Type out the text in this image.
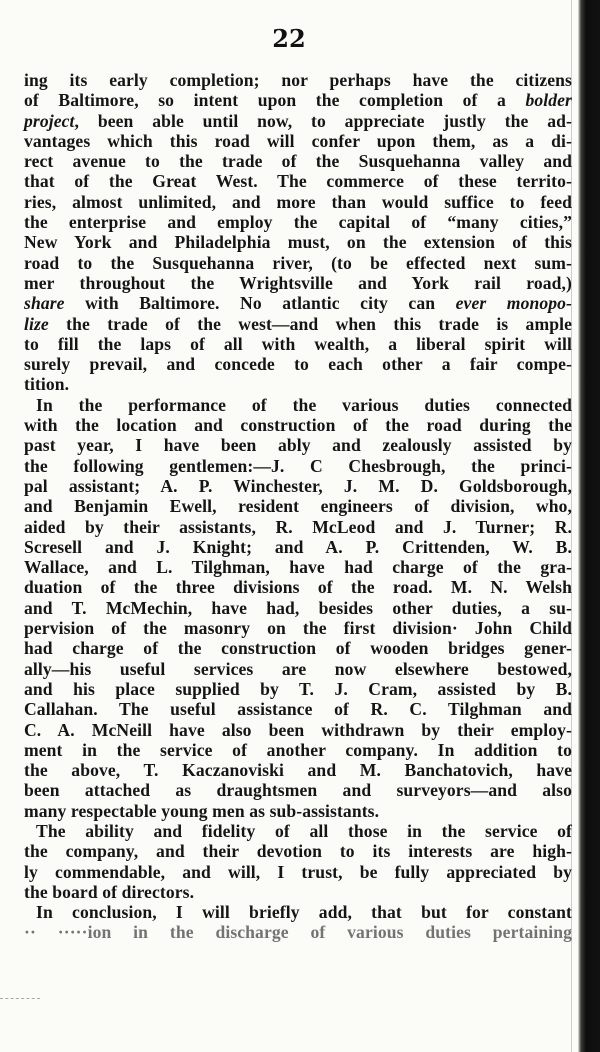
22
ing its early completion; nor perhaps have the citizens
of Baltimore, so intent upon the completion of a bolder
project, been able until now, to appreciate justly the ad-
vantages which this road will confer upon them, as a di-
rect avenue to the trade of the Susquehanna valley and
that of the Great West. The commerce of these territo-
ries, almost unlimited, and more than would suffice to feed
the enterprise and employ the capital of “many cities,”
New York and Philadelphia must, on the extension of this
road to the Susquehanna river, (to be effected next sum-
mer throughout the Wrightsville and York rail road,)
share with Baltimore. No atlantic city can ever monopo-
lize the trade of the west—and when this trade is ample
to fill the laps of all with wealth, a liberal spirit will
surely prevail, and concede to each other a fair compe-
tition.
In the performance of the various duties connected
with the location and construction of the road during the
past year, I have been ably and zealously assisted by
the following gentlemen:—J. C Chesbrough, the princi-
pal assistant; A. P. Winchester, J. M. D. Goldsborough,
and Benjamin Ewell, resident engineers of division, who,
aided by their assistants, R. McLeod and J. Turner; R.
Scresell and J. Knight; and A. P. Crittenden, W. B.
Wallace, and L. Tilghman, have had charge of the gra-
duation of the three divisions of the road. M. N. Welsh
and T. McMechin, have had, besides other duties, a su-
pervision of the masonry on the first division· John Child
had charge of the construction of wooden bridges gener-
ally—his useful services are now elsewhere bestowed,
and his place supplied by T. J. Cram, assisted by B.
Callahan. The useful assistance of R. C. Tilghman and
C. A. McNeill have also been withdrawn by their employ-
ment in the service of another company. In addition to
the above, T. Kaczanoviski and M. Banchatovich, have
been attached as draughtsmen and surveyors—and also
many respectable young men as sub-assistants.
The ability and fidelity of all those in the service of
the company, and their devotion to its interests are high-
ly commendable, and will, I trust, be fully appreciated by
the board of directors.
In conclusion, I will briefly add, that but for constant
·· ·····ion in the discharge of various duties pertaining
